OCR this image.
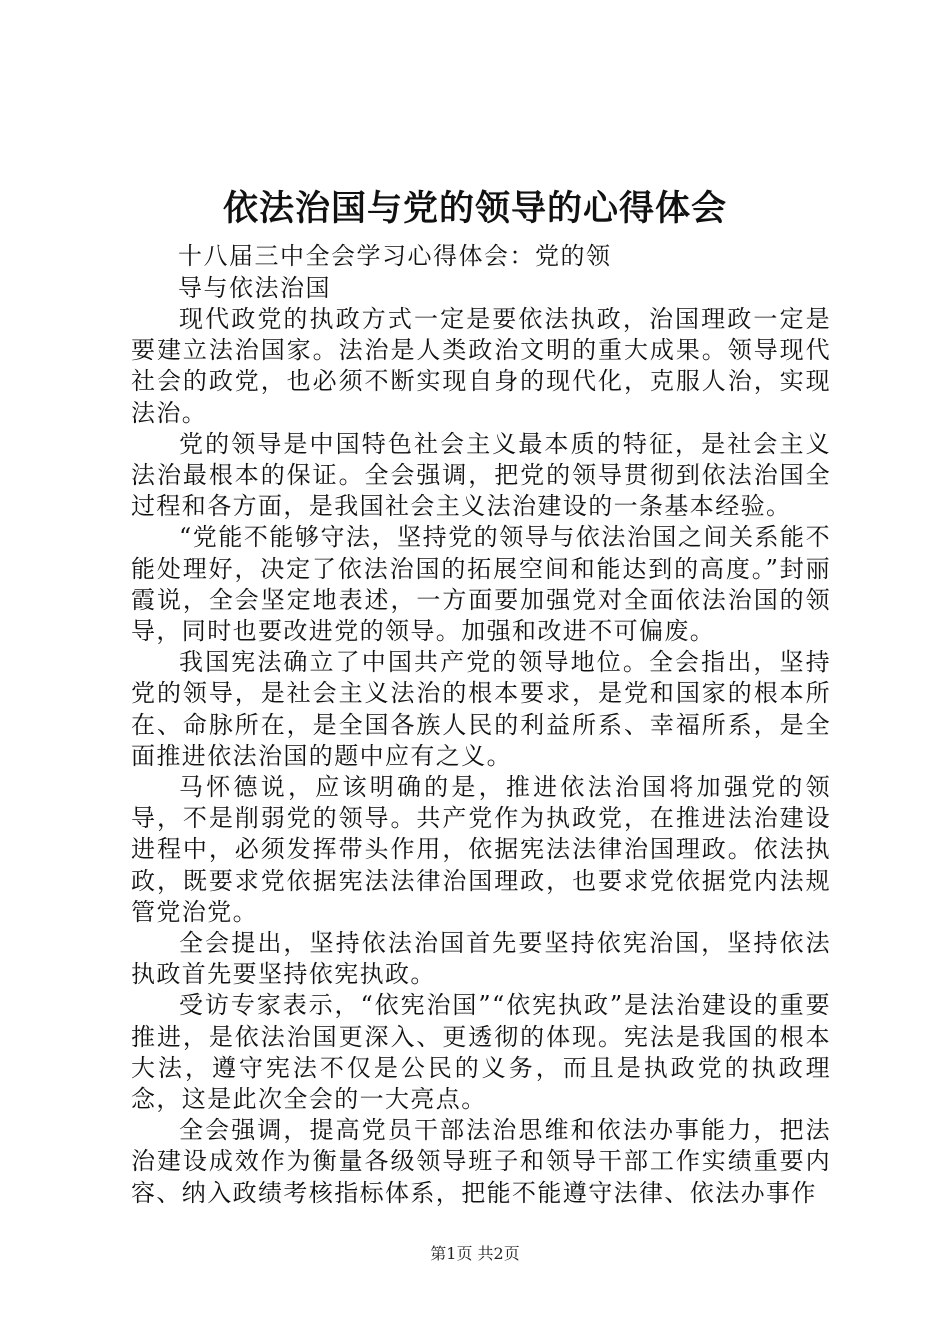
依法治国与党的领导的心得体会
十八届三中全会学习心得体会：党的领导与依法治国

现代政党的执政方式一定是要依法执政，治国理政一定是要建立法治国家。法治是人类政治文明的重大成果。领导现代社会的政党，也必须不断实现自身的现代化，克服人治，实现法治。

党的领导是中国特色社会主义最本质的特征，是社会主义法治最根本的保证。全会强调，把党的领导贯彻到依法治国全过程和各方面，是我国社会主义法治建设的一条基本经验。

“党能不能够守法，坚持党的领导与依法治国之间关系能不能处理好，决定了依法治国的拓展空间和能达到的高度。”封丽霞说，全会坚定地表述，一方面要加强党对全面依法治国的领导，同时也要改进党的领导。加强和改进不可偏废。

我国宪法确立了中国共产党的领导地位。全会指出，坚持党的领导，是社会主义法治的根本要求，是党和国家的根本所在、命脉所在，是全国各族人民的利益所系、幸福所系，是全面推进依法治国的题中应有之义。

马怀德说，应该明确的是，推进依法治国将加强党的领导，不是削弱党的领导。共产党作为执政党，在推进法治建设进程中，必须发挥带头作用，依据宪法法律治国理政。依法执政，既要求党依据宪法法律治国理政，也要求党依据党内法规管党治党。

全会提出，坚持依法治国首先要坚持依宪治国，坚持依法执政首先要坚持依宪执政。

受访专家表示，“依宪治国”“依宪执政”是法治建设的重要推进，是依法治国更深入、更透彻的体现。宪法是我国的根本大法，遵守宪法不仅是公民的义务，而且是执政党的执政理念，这是此次全会的一大亮点。

全会强调，提高党员干部法治思维和依法办事能力，把法治建设成效作为衡量各级领导班子和领导干部工作实绩重要内容、纳入政绩考核指标体系，把能不能遵守法律、依法办事作

第1页 共2页
